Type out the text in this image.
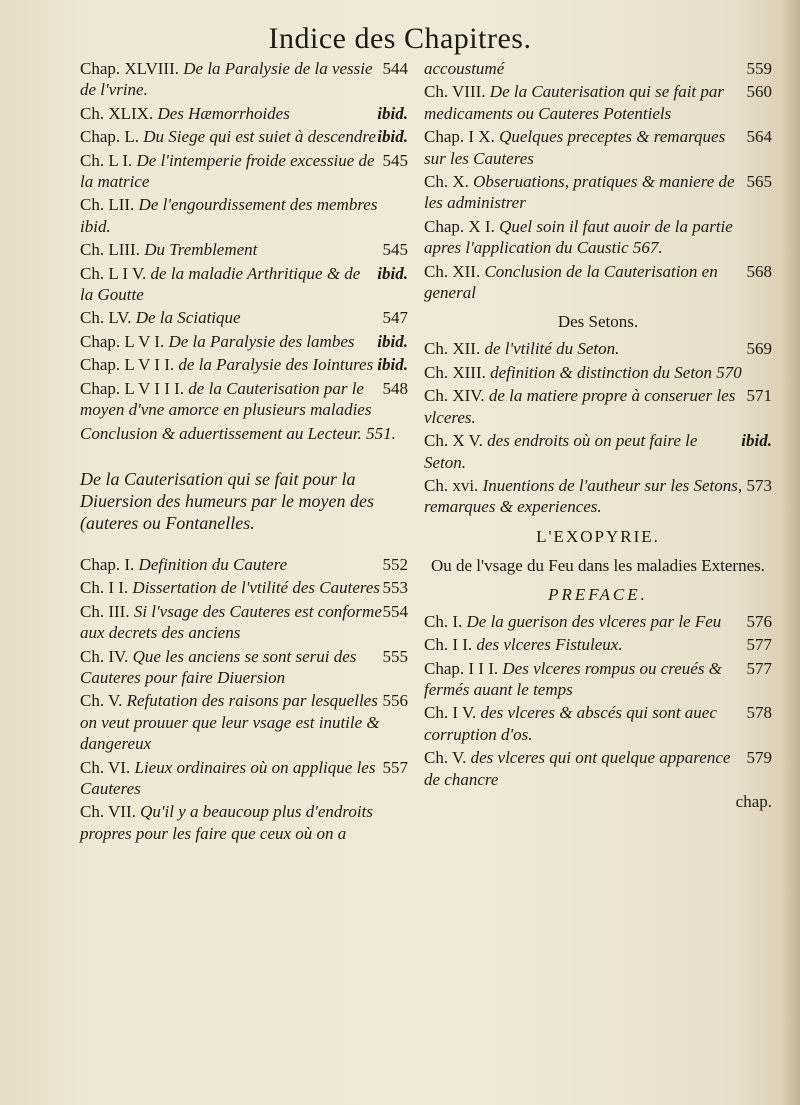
Indice des Chapitres.
544
Chap. XLVIII. De la Paralysie de la vessie de l'vrine.
ibid.
Ch. XLIX. Des Hæmorrhoides
ibid.
Chap. L. Du Siege qui est suiet à descendre
545
Ch. L I. De l'intemperie froide excessiue de la matrice
Ch. LII. De l'engourdissement des membres ibid.
545
Ch. LIII. Du Tremblement
ibid.
Ch. L I V. de la maladie Arthritique & de la Goutte
547
Ch. LV. De la Sciatique
ibid.
Chap. L V I. De la Paralysie des lambes
ibid.
Chap. L V I I. de la Paralysie des Iointures
548
Chap. L V I I I. de la Cauterisation par le moyen d'vne amorce en plusieurs maladies
Conclusion & aduertissement au Lecteur. 551.
De la Cauterisation qui se fait pour la Diuersion des humeurs par le moyen des (auteres ou Fontanelles.
552
Chap. I. Definition du Cautere
553
Ch. I I. Dissertation de l'vtilité des Cauteres
554
Ch. III. Si l'vsage des Cauteres est conforme aux decrets des anciens
555
Ch. IV. Que les anciens se sont serui des Cauteres pour faire Diuersion
556
Ch. V. Refutation des raisons par lesquelles on veut prouuer que leur vsage est inutile & dangereux
557
Ch. VI. Lieux ordinaires où on applique les Cauteres
Ch. VII. Qu'il y a beaucoup plus d'endroits propres pour les faire que ceux où on a
559
accoustumé
560
Ch. VIII. De la Cauterisation qui se fait par medicaments ou Cauteres Potentiels
564
Chap. I X. Quelques preceptes & remarques sur les Cauteres
565
Ch. X. Obseruations, pratiques & maniere de les administrer
Chap. X I. Quel soin il faut auoir de la partie apres l'application du Caustic 567.
568
Ch. XII. Conclusion de la Cauterisation en general
Des Setons.
569
Ch. XII. de l'vtilité du Seton.
Ch. XIII. definition & distinction du Seton 570
571
Ch. XIV. de la matiere propre à conseruer les vlceres.
ibid.
Ch. X V. des endroits où on peut faire le Seton.
573
Ch. xvi. Inuentions de l'autheur sur les Setons, remarques & experiences.
L'EXOPYRIE.
Ou de l'vsage du Feu dans les maladies Externes.
PREFACE.
576
Ch. I. De la guerison des vlceres par le Feu
577
Ch. I I. des vlceres Fistuleux.
577
Chap. I I I. Des vlceres rompus ou creués & fermés auant le temps
578
Ch. I V. des vlceres & abscés qui sont auec corruption d'os.
579
Ch. V. des vlceres qui ont quelque apparence de chancre
chap.
